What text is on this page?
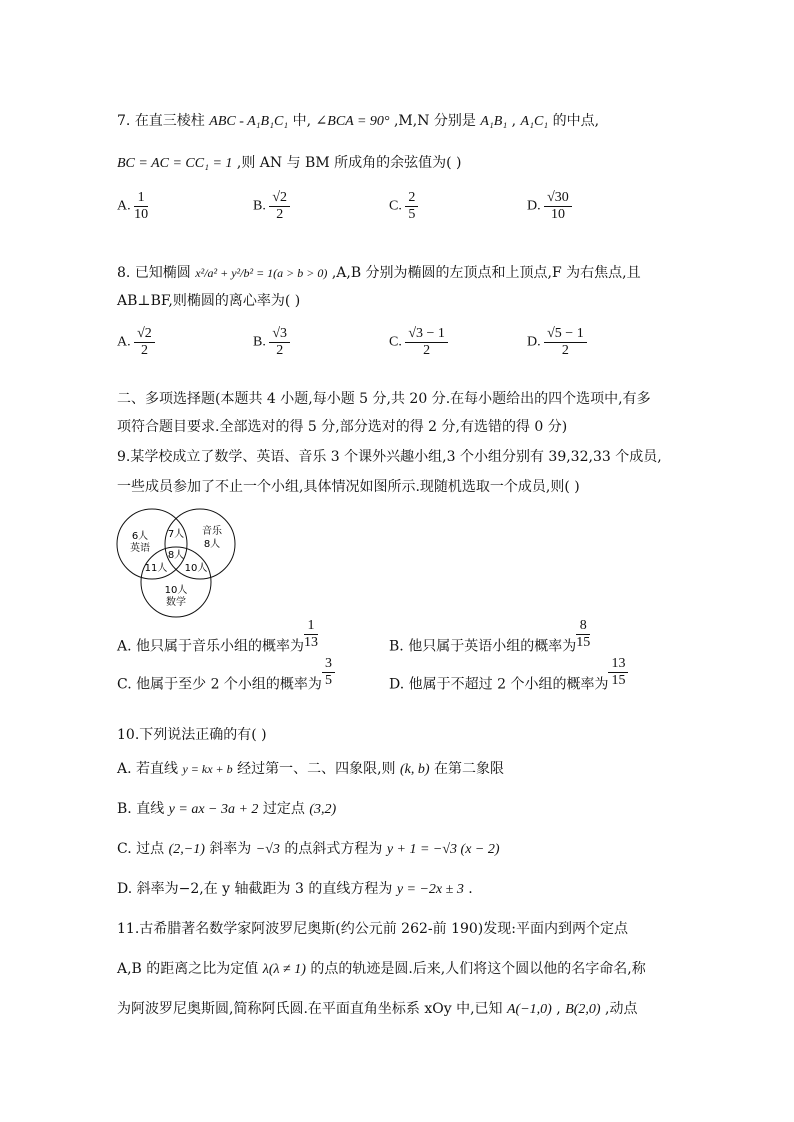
7. 在直三棱柱 ABC - A₁B₁C₁ 中, ∠BCA = 90° ,M,N 分别是 A₁B₁ , A₁C₁ 的中点,
BC = AC = CC₁ = 1 ,则 AN 与 BM 所成角的余弦值为( )
A. $\frac{1}{10}$	B. $\frac{√2}{2}$	C. $\frac{2}{5}$	D. $\frac{√30}{10}$
8. 已知椭圆 x²/a² + y²/b² = 1(a > b > 0) ,A,B 分别为椭圆的左顶点和上顶点,F 为右焦点,且
AB⊥BF,则椭圆的离心率为( )
A. $\frac{√2}{2}$	B. $\frac{√3}{2}$	C. $\frac{√3 - 1}{2}$	D. $\frac{√5 - 1}{2}$
二、多项选择题(本题共 4 小题,每小题 5 分,共 20 分.在每小题给出的四个选项中,有多
项符合题目要求.全部选对的得 5 分,部分选对的得 2 分,有选错的得 0 分)
9.某学校成立了数学、英语、音乐 3 个课外兴趣小组,3 个小组分别有 39,32,33 个成员,
一些成员参加了不止一个小组,具体情况如图所示.现随机选取一个成员,则( )
6人
英语
音乐
8人
7人
8人
11人 10人
10人
数学
A. 他只属于音乐小组的概率为 $\frac{1}{13}$	B. 他只属于英语小组的概率为 $\frac{8}{15}$
C. 他属于至少 2 个小组的概率为 $\frac{3}{5}$	D. 他属于不超过 2 个小组的概率为 $\frac{13}{15}$
10.下列说法正确的有( )
A. 若直线 y = kx + b 经过第一、二、四象限,则 (k, b) 在第二象限
B. 直线 y = ax − 3a + 2 过定点 (3,2)
C. 过点 (2,−1) 斜率为 −√3 的点斜式方程为 y + 1 = −√3 (x − 2)
D. 斜率为−2,在 y 轴截距为 3 的直线方程为 y = −2x ± 3 .
11.古希腊著名数学家阿波罗尼奥斯(约公元前 262-前 190)发现:平面内到两个定点
A,B 的距离之比为定值 λ(λ ≠ 1) 的点的轨迹是圆.后来,人们将这个圆以他的名字命名,称
为阿波罗尼奥斯圆,简称阿氏圆.在平面直角坐标系 xOy 中,已知 A(−1,0) , B(2,0) ,动点
